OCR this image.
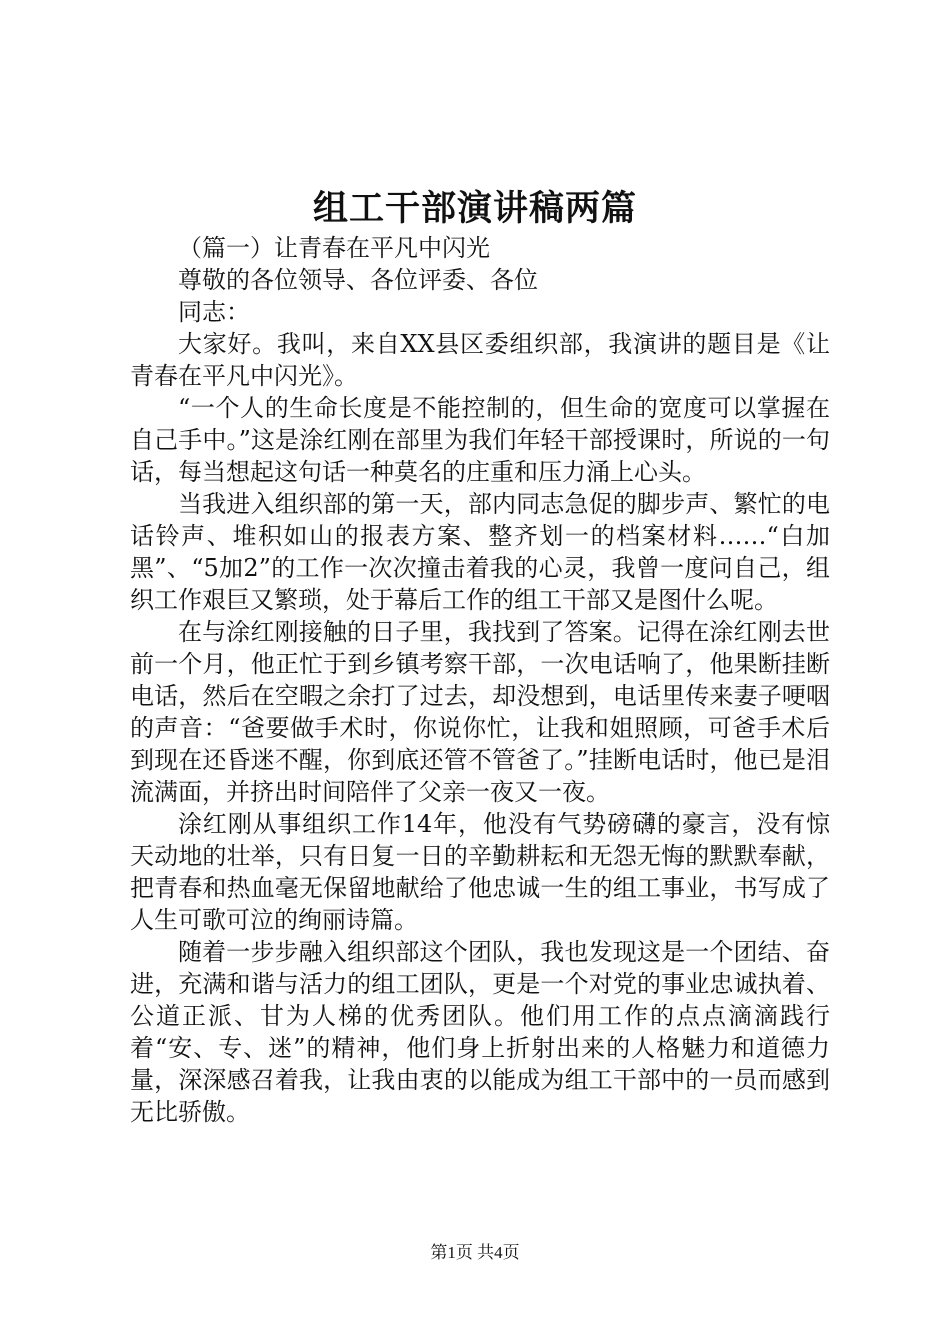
组工干部演讲稿两篇

（篇一）让青春在平凡中闪光

尊敬的各位领导、各位评委、各位

同志：

大家好。我叫，来自XX县区委组织部，我演讲的题目是《让青春在平凡中闪光》。

“一个人的生命长度是不能控制的，但生命的宽度可以掌握在自己手中。”这是涂红刚在部里为我们年轻干部授课时，所说的一句话，每当想起这句话一种莫名的庄重和压力涌上心头。

当我进入组织部的第一天，部内同志急促的脚步声、繁忙的电话铃声、堆积如山的报表方案、整齐划一的档案材料……“白加黑”、“5加2”的工作一次次撞击着我的心灵，我曾一度问自己，组织工作艰巨又繁琐，处于幕后工作的组工干部又是图什么呢。

在与涂红刚接触的日子里，我找到了答案。记得在涂红刚去世前一个月，他正忙于到乡镇考察干部，一次电话响了，他果断挂断电话，然后在空暇之余打了过去，却没想到，电话里传来妻子哽咽的声音：“爸要做手术时，你说你忙，让我和姐照顾，可爸手术后到现在还昏迷不醒，你到底还管不管爸了。”挂断电话时，他已是泪流满面，并挤出时间陪伴了父亲一夜又一夜。

涂红刚从事组织工作14年，他没有气势磅礴的豪言，没有惊天动地的壮举，只有日复一日的辛勤耕耘和无怨无悔的默默奉献，把青春和热血毫无保留地献给了他忠诚一生的组工事业，书写成了人生可歌可泣的绚丽诗篇。

随着一步步融入组织部这个团队，我也发现这是一个团结、奋进，充满和谐与活力的组工团队，更是一个对党的事业忠诚执着、公道正派、甘为人梯的优秀团队。他们用工作的点点滴滴践行着“安、专、迷”的精神，他们身上折射出来的人格魅力和道德力量，深深感召着我，让我由衷的以能成为组工干部中的一员而感到无比骄傲。

第1页 共4页
